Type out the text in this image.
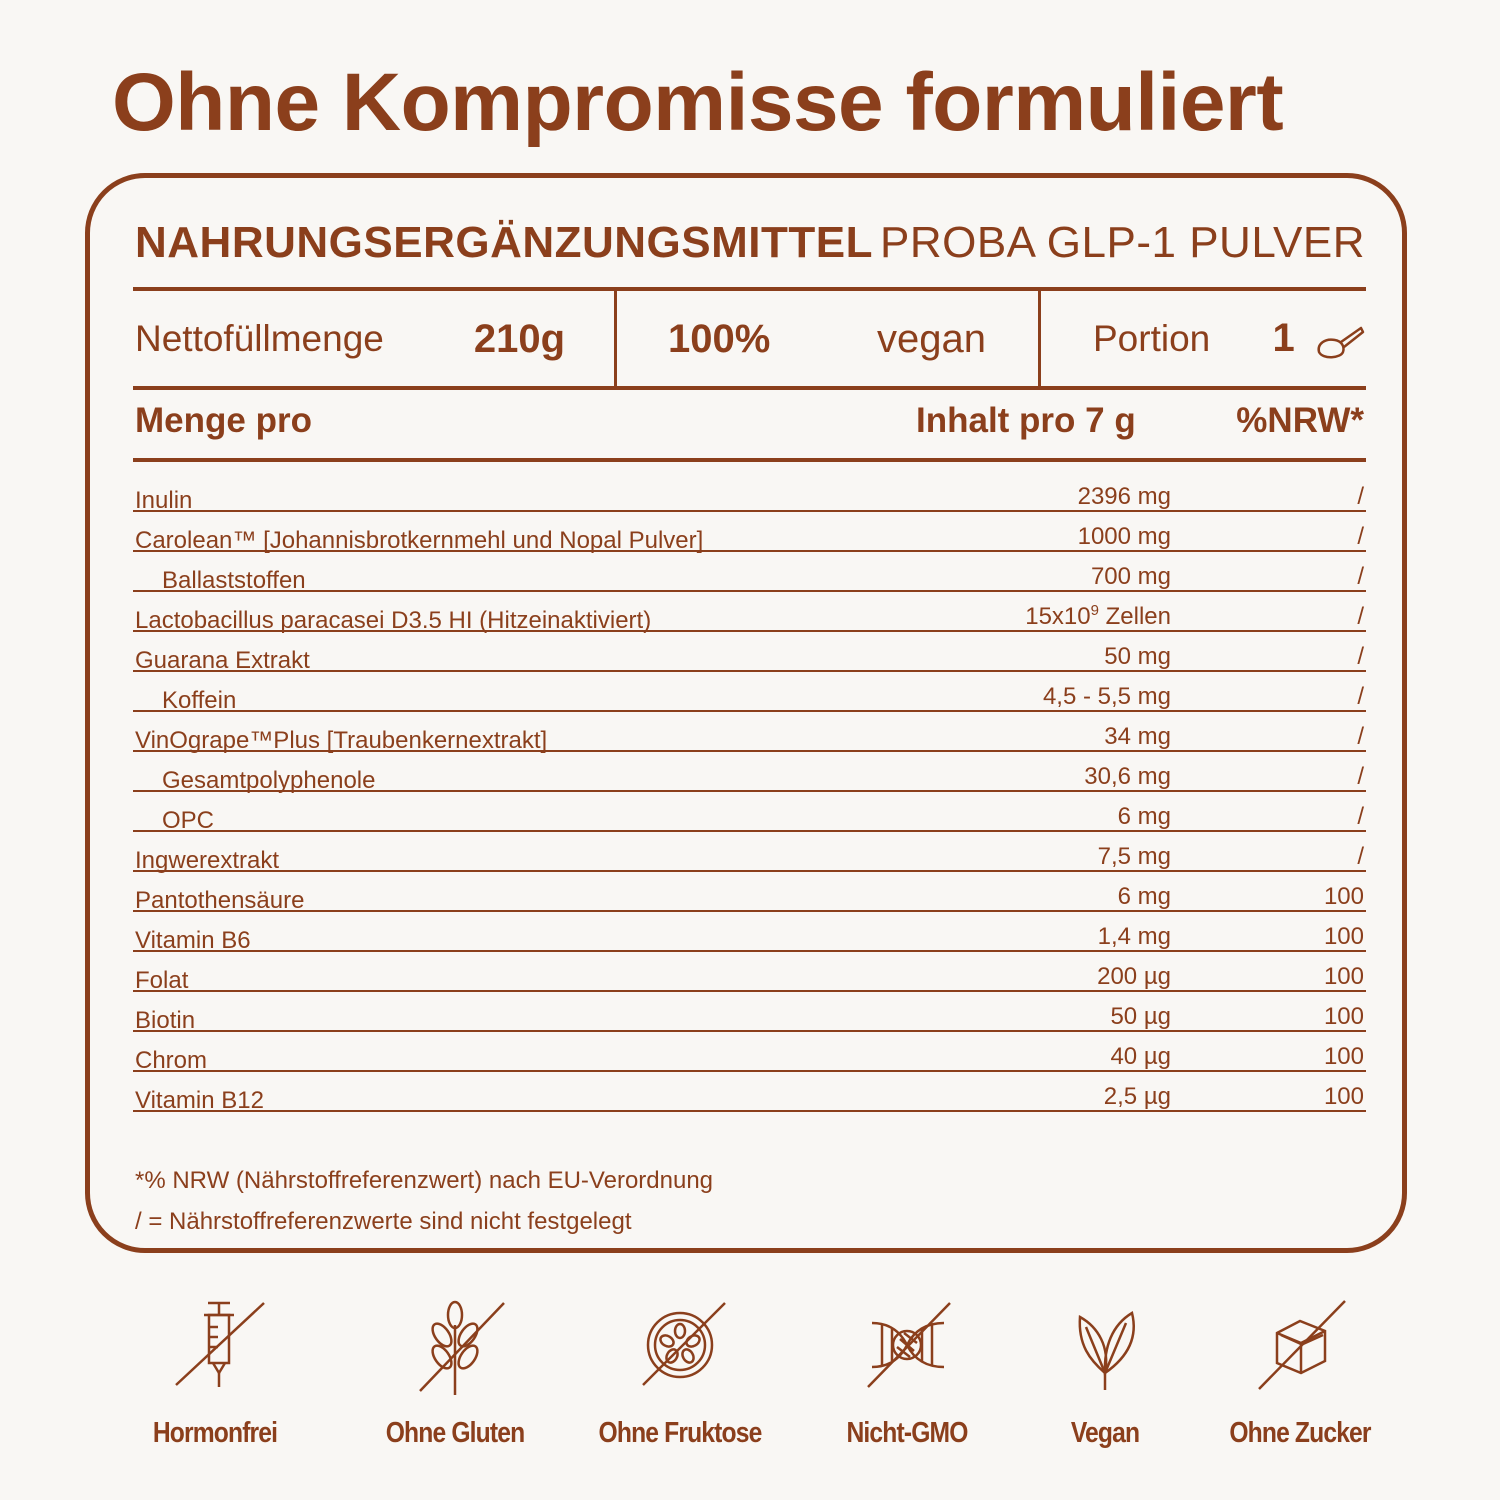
Ohne Kompromisse formuliert
NAHRUNGSERGÄNZUNGSMITTEL PROBA GLP-1 PULVER
Nettofüllmenge 210g	100%	vegan	Portion 1
Menge pro	Inhalt pro 7 g	%NRW*
Inulin	2396 mg	/
Carolean™ [Johannisbrotkernmehl und Nopal Pulver]	1000 mg	/
Ballaststoffen	700 mg	/
Lactobacillus paracasei D3.5 HI (Hitzeinaktiviert)	$15x10^9$ Zellen	/
Guarana Extrakt	50 mg	/
Koffein	4,5 - 5,5 mg	/
VinOgrape™Plus [Traubenkernextrakt]	34 mg	/
Gesamtpolyphenole	30,6 mg	/
OPC	6 mg	/
Ingwerextrakt	7,5 mg	/
Pantothensäure	6 mg	100
Vitamin B6	1,4 mg	100
Folat	200 µg	100
Biotin	50 µg	100
Chrom	40 µg	100
Vitamin B12	2,5 µg	100
*% NRW (Nährstoffreferenzwert) nach EU-Verordnung
/ = Nährstoffreferenzwerte sind nicht festgelegt
Hormonfrei	Ohne Gluten	Ohne Fruktose	Nicht-GMO	Vegan	Ohne Zucker
